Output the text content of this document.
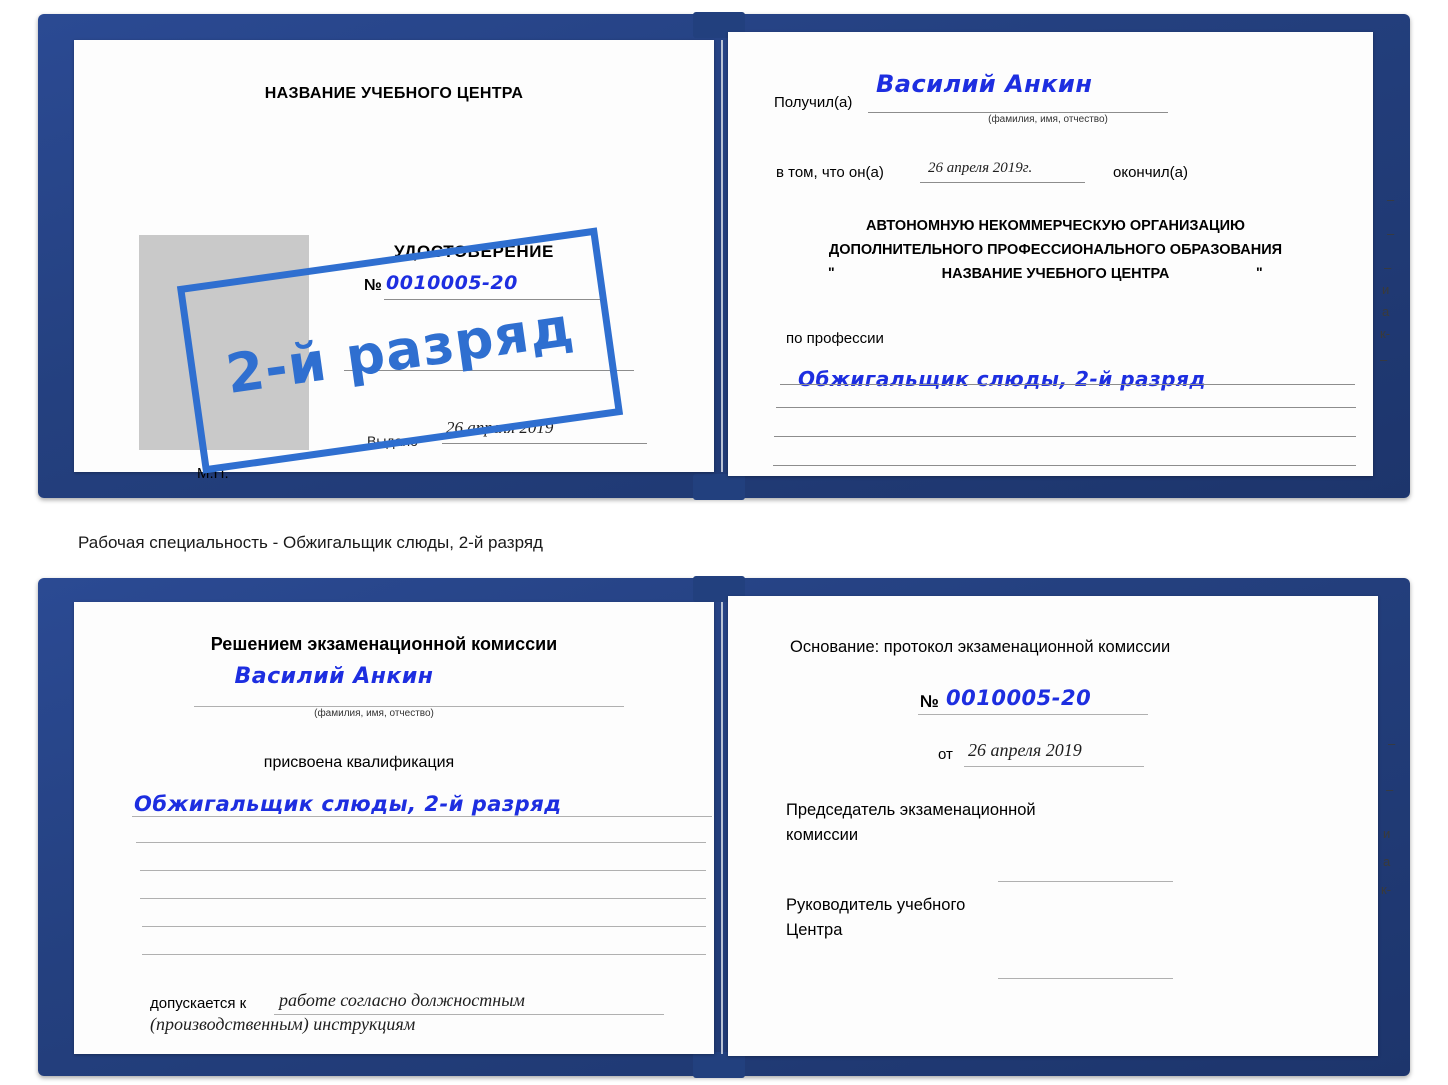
НАЗВАНИЕ УЧЕБНОГО ЦЕНТРА
УДОСТОВЕРЕНИЕ
№ 0010005-20
Выдано
26 апреля 2019
М.П.
Получил(а)
Василий Анкин
(фамилия, имя, отчество)
в том, что он(а)	26 апреля 2019г.	окончил(а)
АВТОНОМНУЮ НЕКОММЕРЧЕСКУЮ ОРГАНИЗАЦИЮ
ДОПОЛНИТЕЛЬНОГО ПРОФЕССИОНАЛЬНОГО ОБРАЗОВАНИЯ
"	НАЗВАНИЕ УЧЕБНОГО ЦЕНТРА	"
по профессии
Обжигальщик слюды, 2-й разряд
–
–
–
и
а
к-
–
2-й разряд
Рабочая специальность - Обжигальщик слюды, 2-й разряд
Решением экзаменационной комиссии
Василий Анкин
(фамилия, имя, отчество)
присвоена квалификация
Обжигальщик слюды, 2-й разряд
допускается к работе согласно должностным
(производственным) инструкциям
Основание: протокол экзаменационной комиссии
№ 0010005-20
от 26 апреля 2019
Председатель экзаменационной
комиссии
Руководитель учебного
Центра
–
–
и
а
к-
